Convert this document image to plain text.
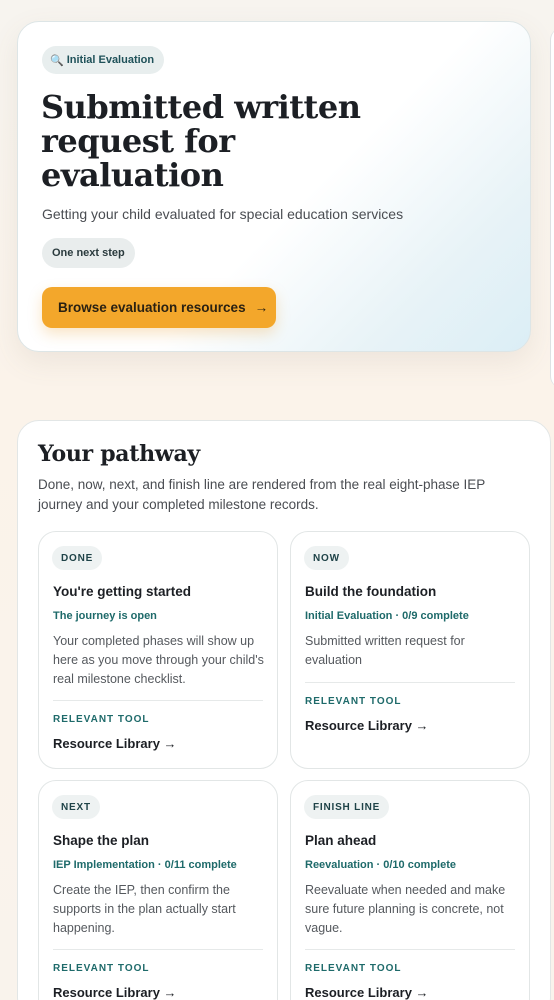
🔍 Initial Evaluation
Submitted written request for evaluation

Getting your child evaluated for special education services

One next step
Browse evaluation resources →
Your pathway

Done, now, next, and finish line are rendered from the real eight-phase IEP journey and your completed milestone records.

DONE
You're getting started
The journey is open
Your completed phases will show up here as you move through your child's real milestone checklist.
RELEVANT TOOL
Resource Library →
NOW
Build the foundation
Initial Evaluation · 0/9 complete
Submitted written request for evaluation
RELEVANT TOOL
Resource Library →
NEXT
Shape the plan
IEP Implementation · 0/11 complete
Create the IEP, then confirm the supports in the plan actually start happening.
RELEVANT TOOL
Resource Library →
FINISH LINE
Plan ahead
Reevaluation · 0/10 complete
Reevaluate when needed and make sure future planning is concrete, not vague.
RELEVANT TOOL
Resource Library →
